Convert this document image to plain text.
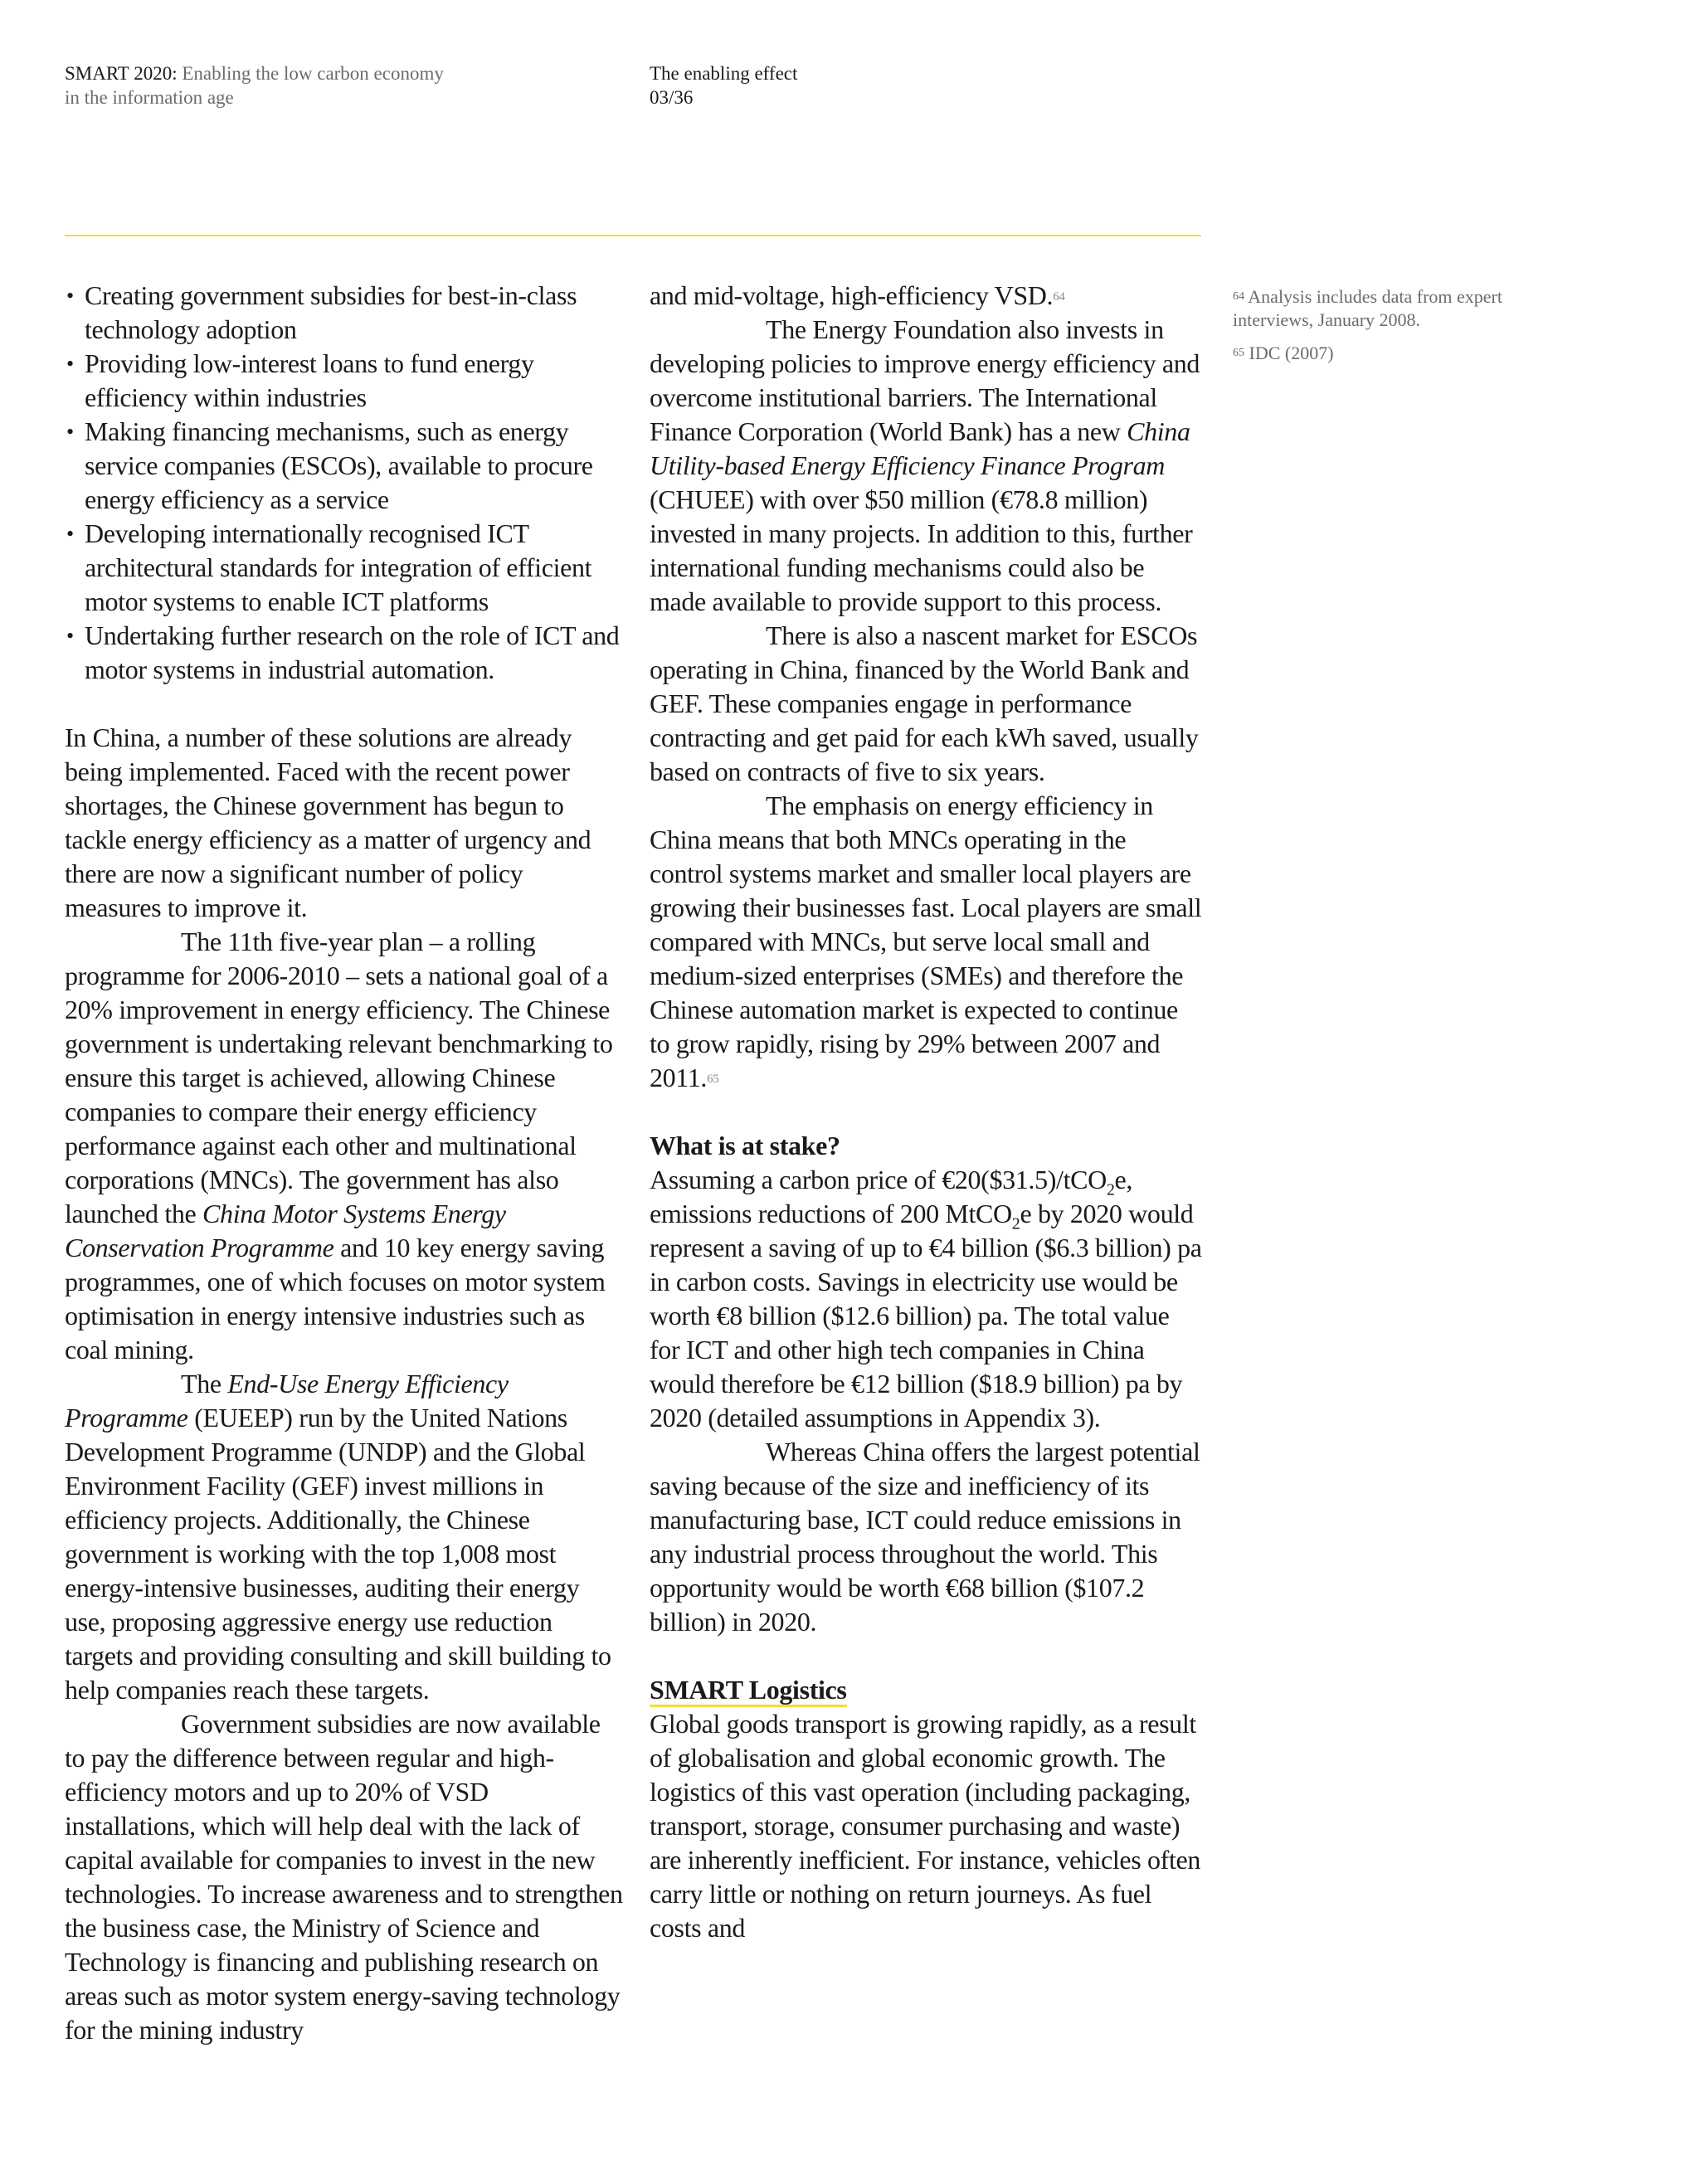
SMART 2020: Enabling the low carbon economy in the information age
The enabling effect
03/36
• Creating government subsidies for best-in-class technology adoption
• Providing low-interest loans to fund energy efficiency within industries
• Making financing mechanisms, such as energy service companies (ESCOs), available to procure energy efficiency as a service
• Developing internationally recognised ICT architectural standards for integration of efficient motor systems to enable ICT platforms
• Undertaking further research on the role of ICT and motor systems in industrial automation.

In China, a number of these solutions are already being implemented. Faced with the recent power shortages, the Chinese government has begun to tackle energy efficiency as a matter of urgency and there are now a significant number of policy measures to improve it.

The 11th five-year plan – a rolling programme for 2006-2010 – sets a national goal of a 20% improvement in energy efficiency. The Chinese government is undertaking relevant benchmarking to ensure this target is achieved, allowing Chinese companies to compare their energy efficiency performance against each other and multinational corporations (MNCs). The government has also launched the China Motor Systems Energy Conservation Programme and 10 key energy saving programmes, one of which focuses on motor system optimisation in energy intensive industries such as coal mining.

The End-Use Energy Efficiency Programme (EUEEP) run by the United Nations Development Programme (UNDP) and the Global Environment Facility (GEF) invest millions in efficiency projects. Additionally, the Chinese government is working with the top 1,008 most energy-intensive businesses, auditing their energy use, proposing aggressive energy use reduction targets and providing consulting and skill building to help companies reach these targets.

Government subsidies are now available to pay the difference between regular and high-efficiency motors and up to 20% of VSD installations, which will help deal with the lack of capital available for companies to invest in the new technologies. To increase awareness and to strengthen the business case, the Ministry of Science and Technology is financing and publishing research on areas such as motor system energy-saving technology for the mining industry

and mid-voltage, high-efficiency VSD.$^{64}$

The Energy Foundation also invests in developing policies to improve energy efficiency and overcome institutional barriers. The International Finance Corporation (World Bank) has a new China Utility-based Energy Efficiency Finance Program (CHUEE) with over $50 million (€78.8 million) invested in many projects. In addition to this, further international funding mechanisms could also be made available to provide support to this process.

There is also a nascent market for ESCOs operating in China, financed by the World Bank and GEF. These companies engage in performance contracting and get paid for each kWh saved, usually based on contracts of five to six years.

The emphasis on energy efficiency in China means that both MNCs operating in the control systems market and smaller local players are growing their businesses fast. Local players are small compared with MNCs, but serve local small and medium-sized enterprises (SMEs) and therefore the Chinese automation market is expected to continue to grow rapidly, rising by 29% between 2007 and 2011.65

What is at stake?

Assuming a carbon price of €20($31.5)/tCO$_2$e, emissions reductions of 200 MtCO$_2$e by 2020 would represent a saving of up to €4 billion ($6.3 billion) pa in carbon costs. Savings in electricity use would be worth €8 billion ($12.6 billion) pa. The total value for ICT and other high tech companies in China would therefore be €12 billion ($18.9 billion) pa by 2020 (detailed assumptions in Appendix 3).

Whereas China offers the largest potential saving because of the size and inefficiency of its manufacturing base, ICT could reduce emissions in any industrial process throughout the world. This opportunity would be worth €68 billion ($107.2 billion) in 2020.

SMART Logistics

Global goods transport is growing rapidly, as a result of globalisation and global economic growth. The logistics of this vast operation (including packaging, transport, storage, consumer purchasing and waste) are inherently inefficient. For instance, vehicles often carry little or nothing on return journeys. As fuel costs and

$^{64}$ Analysis includes data from expert interviews, January 2008.

$^{65}$ IDC (2007)
